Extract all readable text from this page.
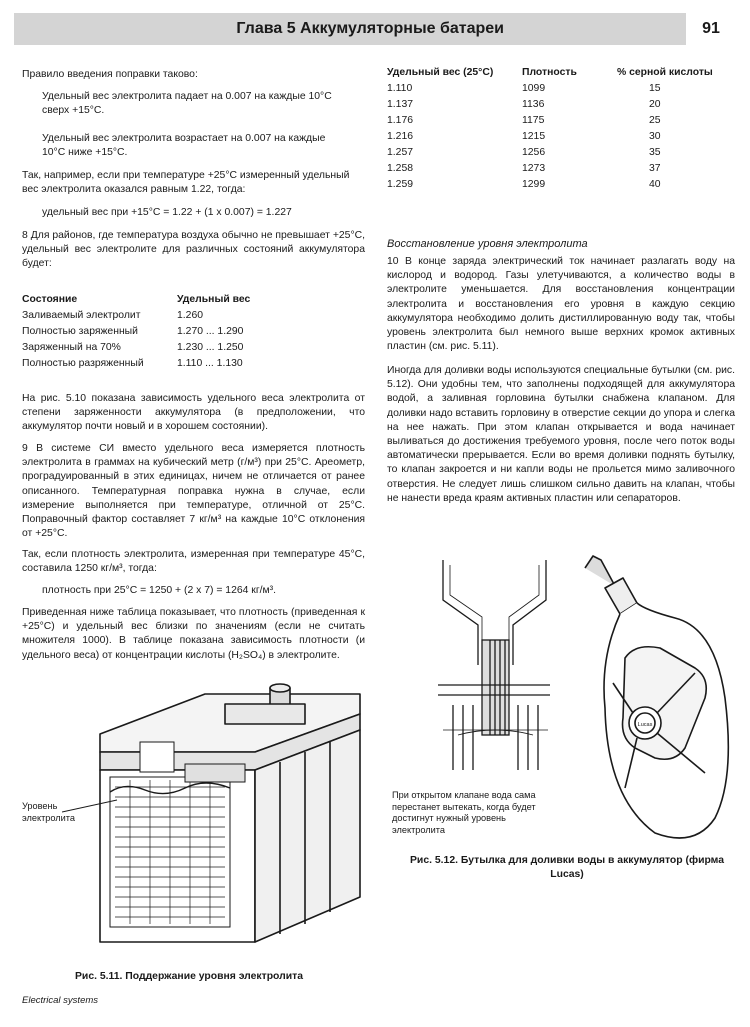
Глава 5 Аккумуляторные батареи	91
Правило введения поправки таково:
Удельный вес электролита падает на 0.007 на каждые 10°C сверх +15°C.
Удельный вес электролита возрастает на 0.007 на каждые 10°C ниже +15°C.
Так, например, если при температуре +25°C измеренный удельный вес электролита оказался равным 1.22, тогда:
удельный вес при +15°C = 1.22 + (1 x 0.007) = 1.227
8 Для районов, где температура воздуха обычно не превышает +25°C, удельный вес электролите для различных состояний аккумулятора будет:
Состояние	Удельный вес
Заливаемый электролит	1.260
Полностью заряженный	1.270 ... 1.290
Заряженный на 70%	1.230 ... 1.250
Полностью разряженный	1.110 ... 1.130
На рис. 5.10 показана зависимость удельного веса электролита от степени заряженности аккумулятора (в предположении, что аккумулятор почти новый и в хорошем состоянии).
9 В системе СИ вместо удельного веса измеряется плотность электролита в граммах на кубический метр (г/м³) при 25°C. Ареометр, проградуированный в этих единицах, ничем не отличается от ранее описанного. Температурная поправка нужна в случае, если измерение выполняется при температуре, отличной от 25°C. Поправочный фактор составляет 7 кг/м³ на каждые 10°C отклонения от +25°C.
Так, если плотность электролита, измеренная при температуре 45°C, составила 1250 кг/м³, тогда:
плотность при 25°C = 1250 + (2 x 7) = 1264 кг/м³.
Приведенная ниже таблица показывает, что плотность (приведенная к +25°C) и удельный вес близки по значениям (если не считать множителя 1000). В таблице показана зависимость плотности (и удельного веса) от концентрации кислоты (H₂SO₄) в электролите.
Удельный вес (25°C)	Плотность	% серной кислоты
1.110	1099	15
1.137	1136	20
1.176	1175	25
1.216	1215	30
1.257	1256	35
1.258	1273	37
1.259	1299	40
Восстановление уровня электролита
10 В конце заряда электрический ток начинает разлагать воду на кислород и водород. Газы улетучиваются, а количество воды в электролите уменьшается. Для восстановления концентрации электролита и восстановления его уровня в каждую секцию аккумулятора необходимо долить дистиллированную воду так, чтобы уровень электролита был немного выше верхних кромок активных пластин (см. рис. 5.11).
Иногда для доливки воды используются специальные бутылки (см. рис. 5.12). Они удобны тем, что заполнены подходящей для аккумулятора водой, а заливная горловина бутылки снабжена клапаном. Для доливки надо вставить горловину в отверстие секции до упора и слегка на нее нажать. При этом клапан открывается и вода начинает выливаться до достижения требуемого уровня, после чего поток воды автоматически прерывается. Если во время доливки поднять бутылку, то клапан закроется и ни капли воды не прольется мимо заливочного отверстия. Не следует лишь слишком сильно давить на клапан, чтобы не нанести вреда краям активных пластин или сепараторов.
Уровень электролита
Рис. 5.11. Поддержание уровня электролита
При открытом клапане вода сама перестанет вытекать, когда будет достигнут нужный уровень электролита
Lucas
Рис. 5.12. Бутылка для доливки воды в аккумулятор (фирма Lucas)
Electrical systems
